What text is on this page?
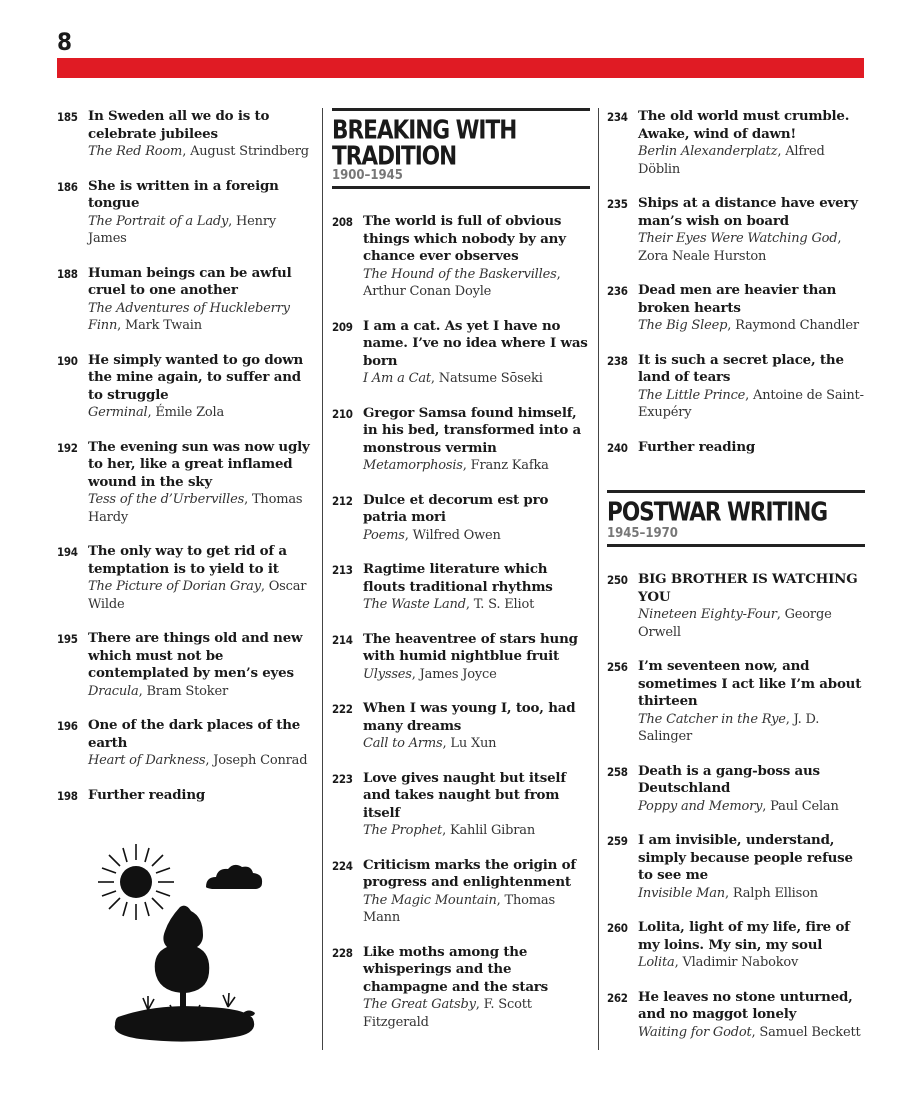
8
185 In Sweden all we do is to celebrate jubilees
The Red Room, August Strindberg
186 She is written in a foreign tongue
The Portrait of a Lady, Henry James
188 Human beings can be awful cruel to one another
The Adventures of Huckleberry Finn, Mark Twain
190 He simply wanted to go down the mine again, to suffer and to struggle
Germinal, Émile Zola
192 The evening sun was now ugly to her, like a great inflamed wound in the sky
Tess of the d’Urbervilles, Thomas Hardy
194 The only way to get rid of a temptation is to yield to it
The Picture of Dorian Gray, Oscar Wilde
195 There are things old and new which must not be contemplated by men’s eyes
Dracula, Bram Stoker
196 One of the dark places of the earth
Heart of Darkness, Joseph Conrad
198 Further reading
BREAKING WITH
TRADITION
1900–1945
208 The world is full of obvious things which nobody by any chance ever observes
The Hound of the Baskervilles, Arthur Conan Doyle
209 I am a cat. As yet I have no name. I’ve no idea where I was born
I Am a Cat, Natsume Sōseki
210 Gregor Samsa found himself, in his bed, transformed into a monstrous vermin
Metamorphosis, Franz Kafka
212 Dulce et decorum est pro patria mori
Poems, Wilfred Owen
213 Ragtime literature which flouts traditional rhythms
The Waste Land, T. S. Eliot
214 The heaventree of stars hung with humid nightblue fruit
Ulysses, James Joyce
222 When I was young I, too, had many dreams
Call to Arms, Lu Xun
223 Love gives naught but itself and takes naught but from itself
The Prophet, Kahlil Gibran
224 Criticism marks the origin of progress and enlightenment
The Magic Mountain, Thomas Mann
228 Like moths among the whisperings and the champagne and the stars
The Great Gatsby, F. Scott Fitzgerald
234 The old world must crumble. Awake, wind of dawn!
Berlin Alexanderplatz, Alfred Döblin
235 Ships at a distance have every man’s wish on board
Their Eyes Were Watching God, Zora Neale Hurston
236 Dead men are heavier than broken hearts
The Big Sleep, Raymond Chandler
238 It is such a secret place, the land of tears
The Little Prince, Antoine de Saint-Exupéry
240 Further reading
POSTWAR WRITING
1945–1970
250 BIG BROTHER IS WATCHING YOU
Nineteen Eighty-Four, George Orwell
256 I’m seventeen now, and sometimes I act like I’m about thirteen
The Catcher in the Rye, J. D. Salinger
258 Death is a gang-boss aus Deutschland
Poppy and Memory, Paul Celan
259 I am invisible, understand, simply because people refuse to see me
Invisible Man, Ralph Ellison
260 Lolita, light of my life, fire of my loins. My sin, my soul
Lolita, Vladimir Nabokov
262 He leaves no stone unturned, and no maggot lonely
Waiting for Godot, Samuel Beckett
